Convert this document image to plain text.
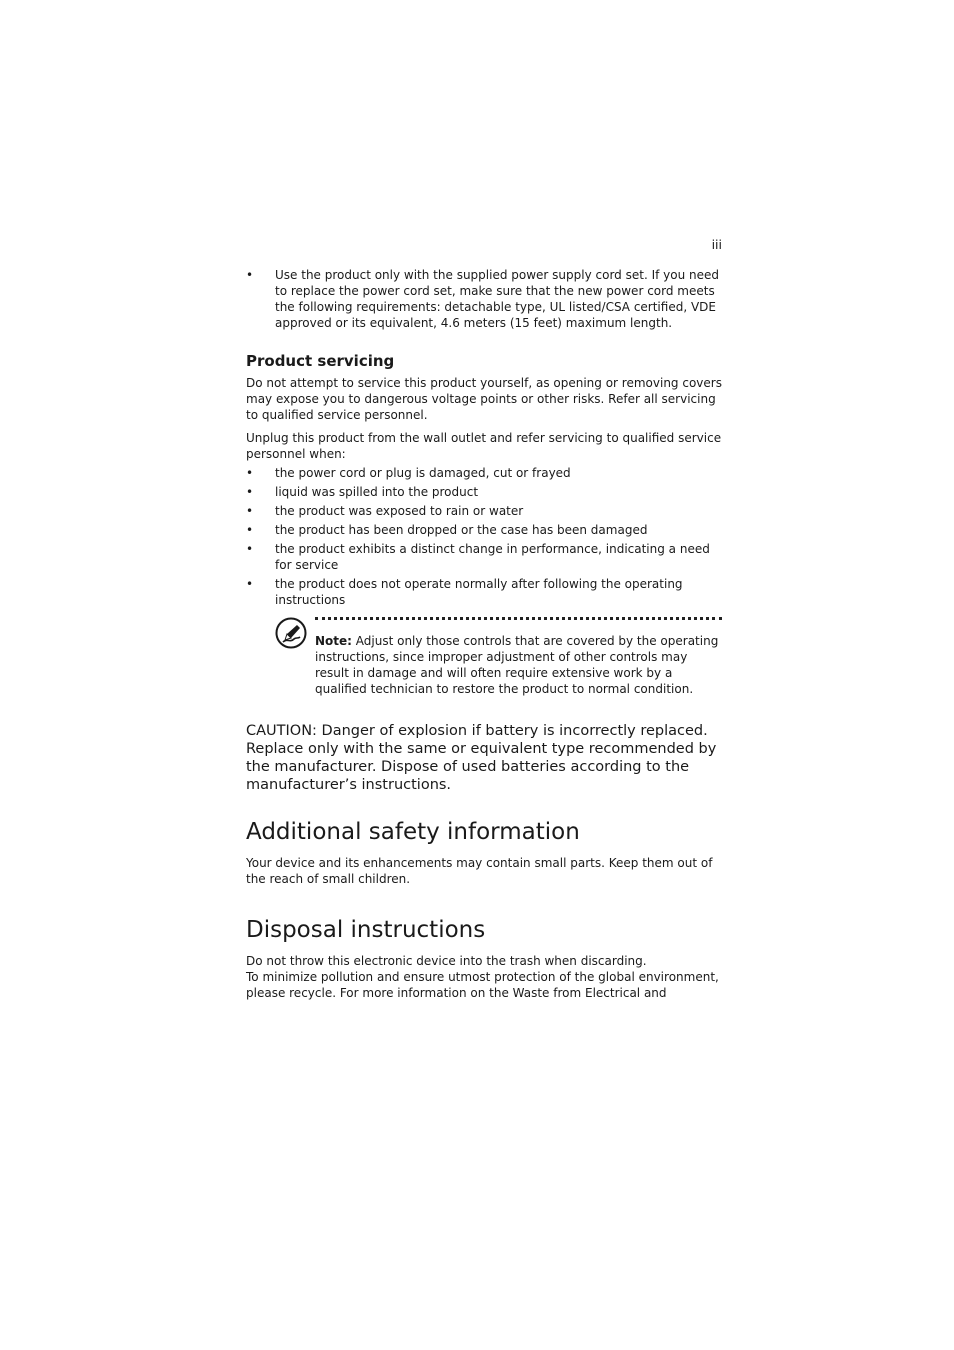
iii
• Use the product only with the supplied power supply cord set. If you need to replace the power cord set, make sure that the new power cord meets the following requirements: detachable type, UL listed/CSA certified, VDE approved or its equivalent, 4.6 meters (15 feet) maximum length.
Product servicing

Do not attempt to service this product yourself, as opening or removing covers may expose you to dangerous voltage points or other risks. Refer all servicing to qualified service personnel.

Unplug this product from the wall outlet and refer servicing to qualified service personnel when:

• the power cord or plug is damaged, cut or frayed
• liquid was spilled into the product
• the product was exposed to rain or water
• the product has been dropped or the case has been damaged
• the product exhibits a distinct change in performance, indicating a need for service
• the product does not operate normally after following the operating instructions
Note: Adjust only those controls that are covered by the operating instructions, since improper adjustment of other controls may result in damage and will often require extensive work by a qualified technician to restore the product to normal condition.

CAUTION: Danger of explosion if battery is incorrectly replaced. Replace only with the same or equivalent type recommended by the manufacturer. Dispose of used batteries according to the manufacturer’s instructions.

Additional safety information

Your device and its enhancements may contain small parts. Keep them out of the reach of small children.

Disposal instructions

Do not throw this electronic device into the trash when discarding.

To minimize pollution and ensure utmost protection of the global environment, please recycle. For more information on the Waste from Electrical and
